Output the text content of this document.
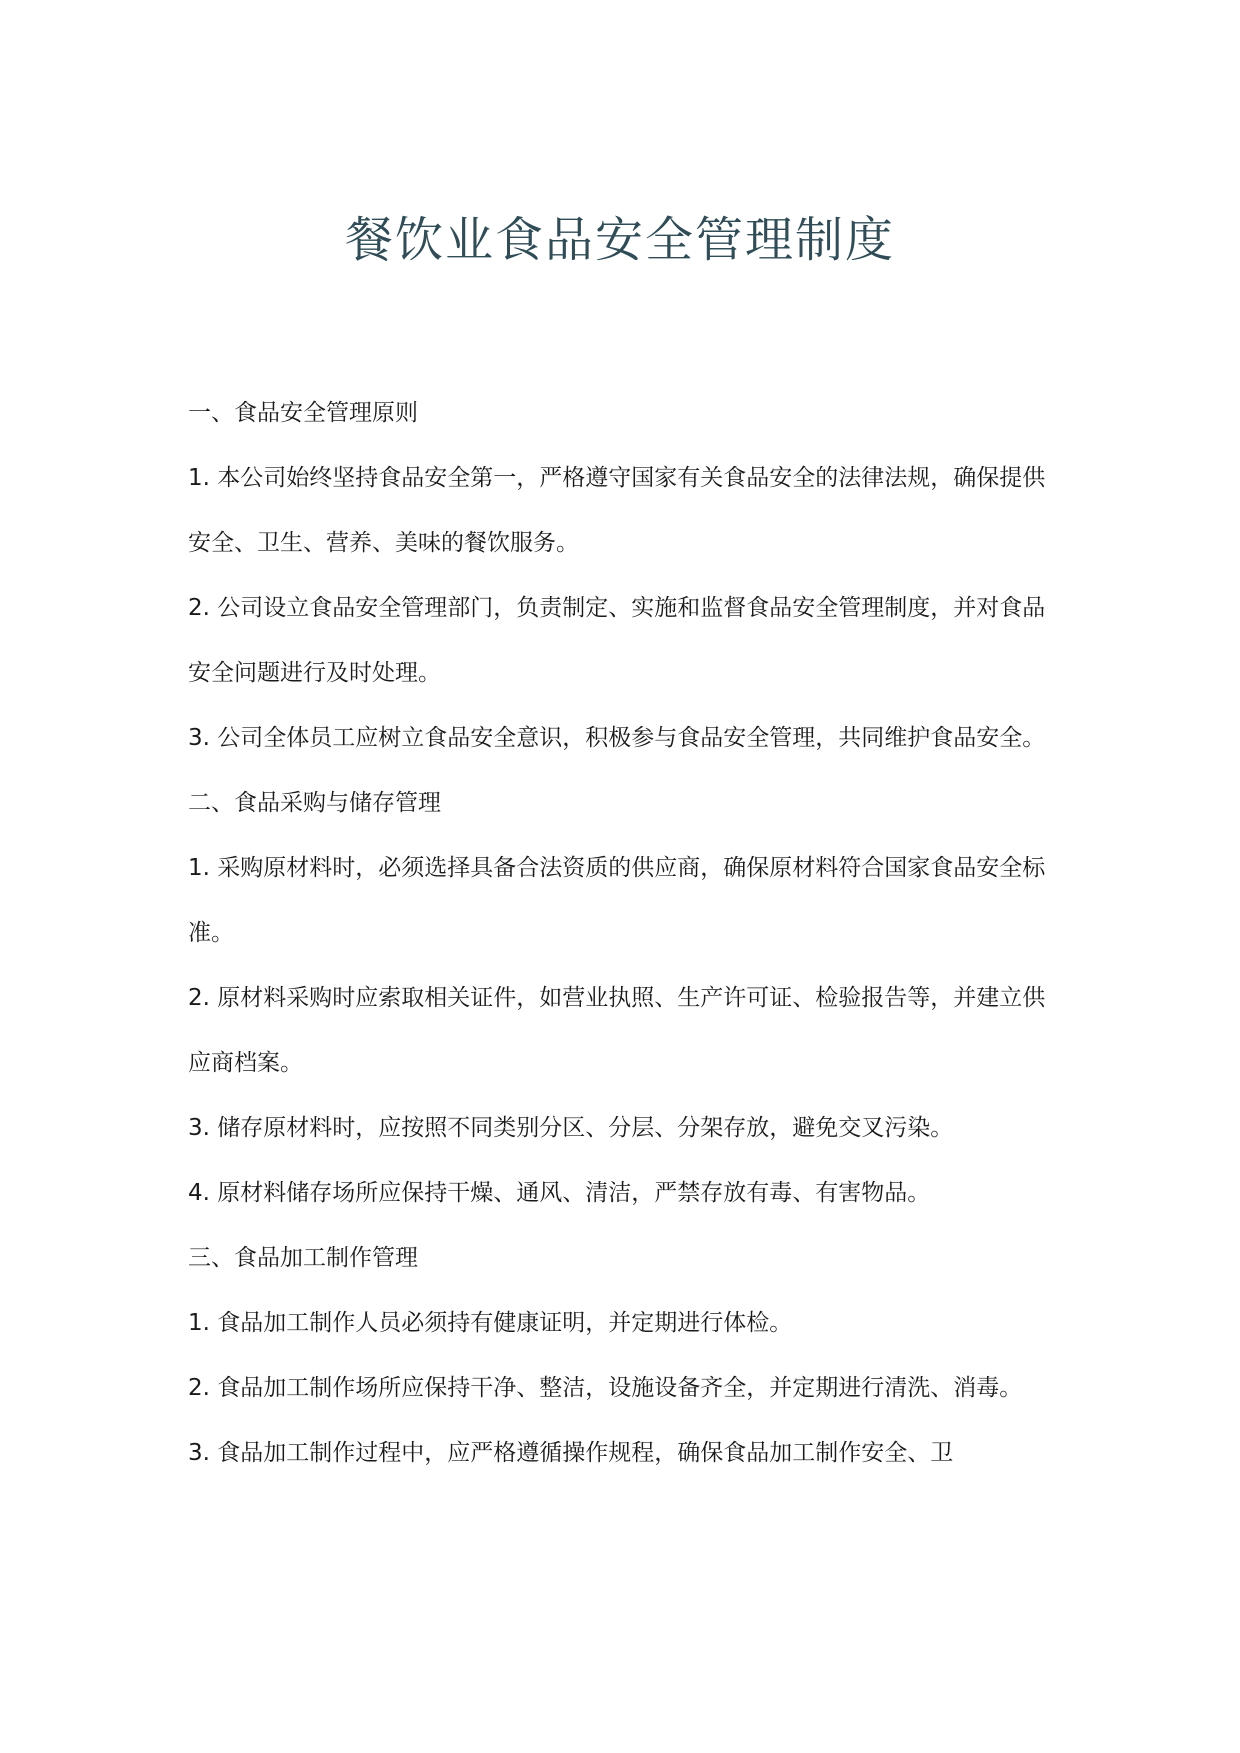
餐饮业食品安全管理制度

一、食品安全管理原则

1. 本公司始终坚持食品安全第一，严格遵守国家有关食品安全的法律法规，确保提供安全、卫生、营养、美味的餐饮服务。

2. 公司设立食品安全管理部门，负责制定、实施和监督食品安全管理制度，并对食品安全问题进行及时处理。

3. 公司全体员工应树立食品安全意识，积极参与食品安全管理，共同维护食品安全。

二、食品采购与储存管理

1. 采购原材料时，必须选择具备合法资质的供应商，确保原材料符合国家食品安全标准。

2. 原材料采购时应索取相关证件，如营业执照、生产许可证、检验报告等，并建立供应商档案。

3. 储存原材料时，应按照不同类别分区、分层、分架存放，避免交叉污染。

4. 原材料储存场所应保持干燥、通风、清洁，严禁存放有毒、有害物品。

三、食品加工制作管理

1. 食品加工制作人员必须持有健康证明，并定期进行体检。

2. 食品加工制作场所应保持干净、整洁，设施设备齐全，并定期进行清洗、消毒。

3. 食品加工制作过程中，应严格遵循操作规程，确保食品加工制作安全、卫
